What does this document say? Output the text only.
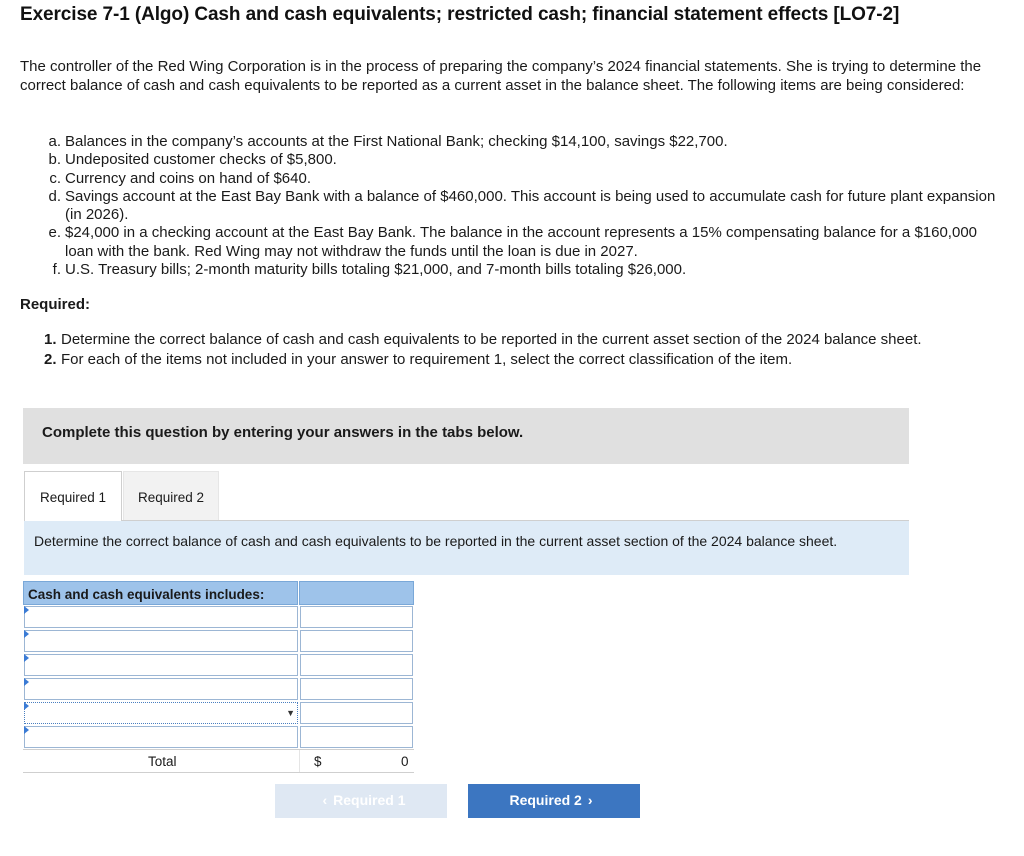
Exercise 7-1 (Algo) Cash and cash equivalents; restricted cash; financial statement effects [LO7-2]
The controller of the Red Wing Corporation is in the process of preparing the company’s 2024 financial statements. She is trying to determine the correct balance of cash and cash equivalents to be reported as a current asset in the balance sheet. The following items are being considered:
a. Balances in the company’s accounts at the First National Bank; checking $14,100, savings $22,700.
b. Undeposited customer checks of $5,800.
c. Currency and coins on hand of $640.
d. Savings account at the East Bay Bank with a balance of $460,000. This account is being used to accumulate cash for future plant expansion (in 2026).
e. $24,000 in a checking account at the East Bay Bank. The balance in the account represents a 15% compensating balance for a $160,000 loan with the bank. Red Wing may not withdraw the funds until the loan is due in 2027.
f. U.S. Treasury bills; 2-month maturity bills totaling $21,000, and 7-month bills totaling $26,000.
Required:
1. Determine the correct balance of cash and cash equivalents to be reported in the current asset section of the 2024 balance sheet.
2. For each of the items not included in your answer to requirement 1, select the correct classification of the item.
Complete this question by entering your answers in the tabs below.
Required 1	Required 2
Determine the correct balance of cash and cash equivalents to be reported in the current asset section of the 2024 balance sheet.
Cash and cash equivalents includes:
▼
Total	$	0
‹ Required 1	Required 2 ›
